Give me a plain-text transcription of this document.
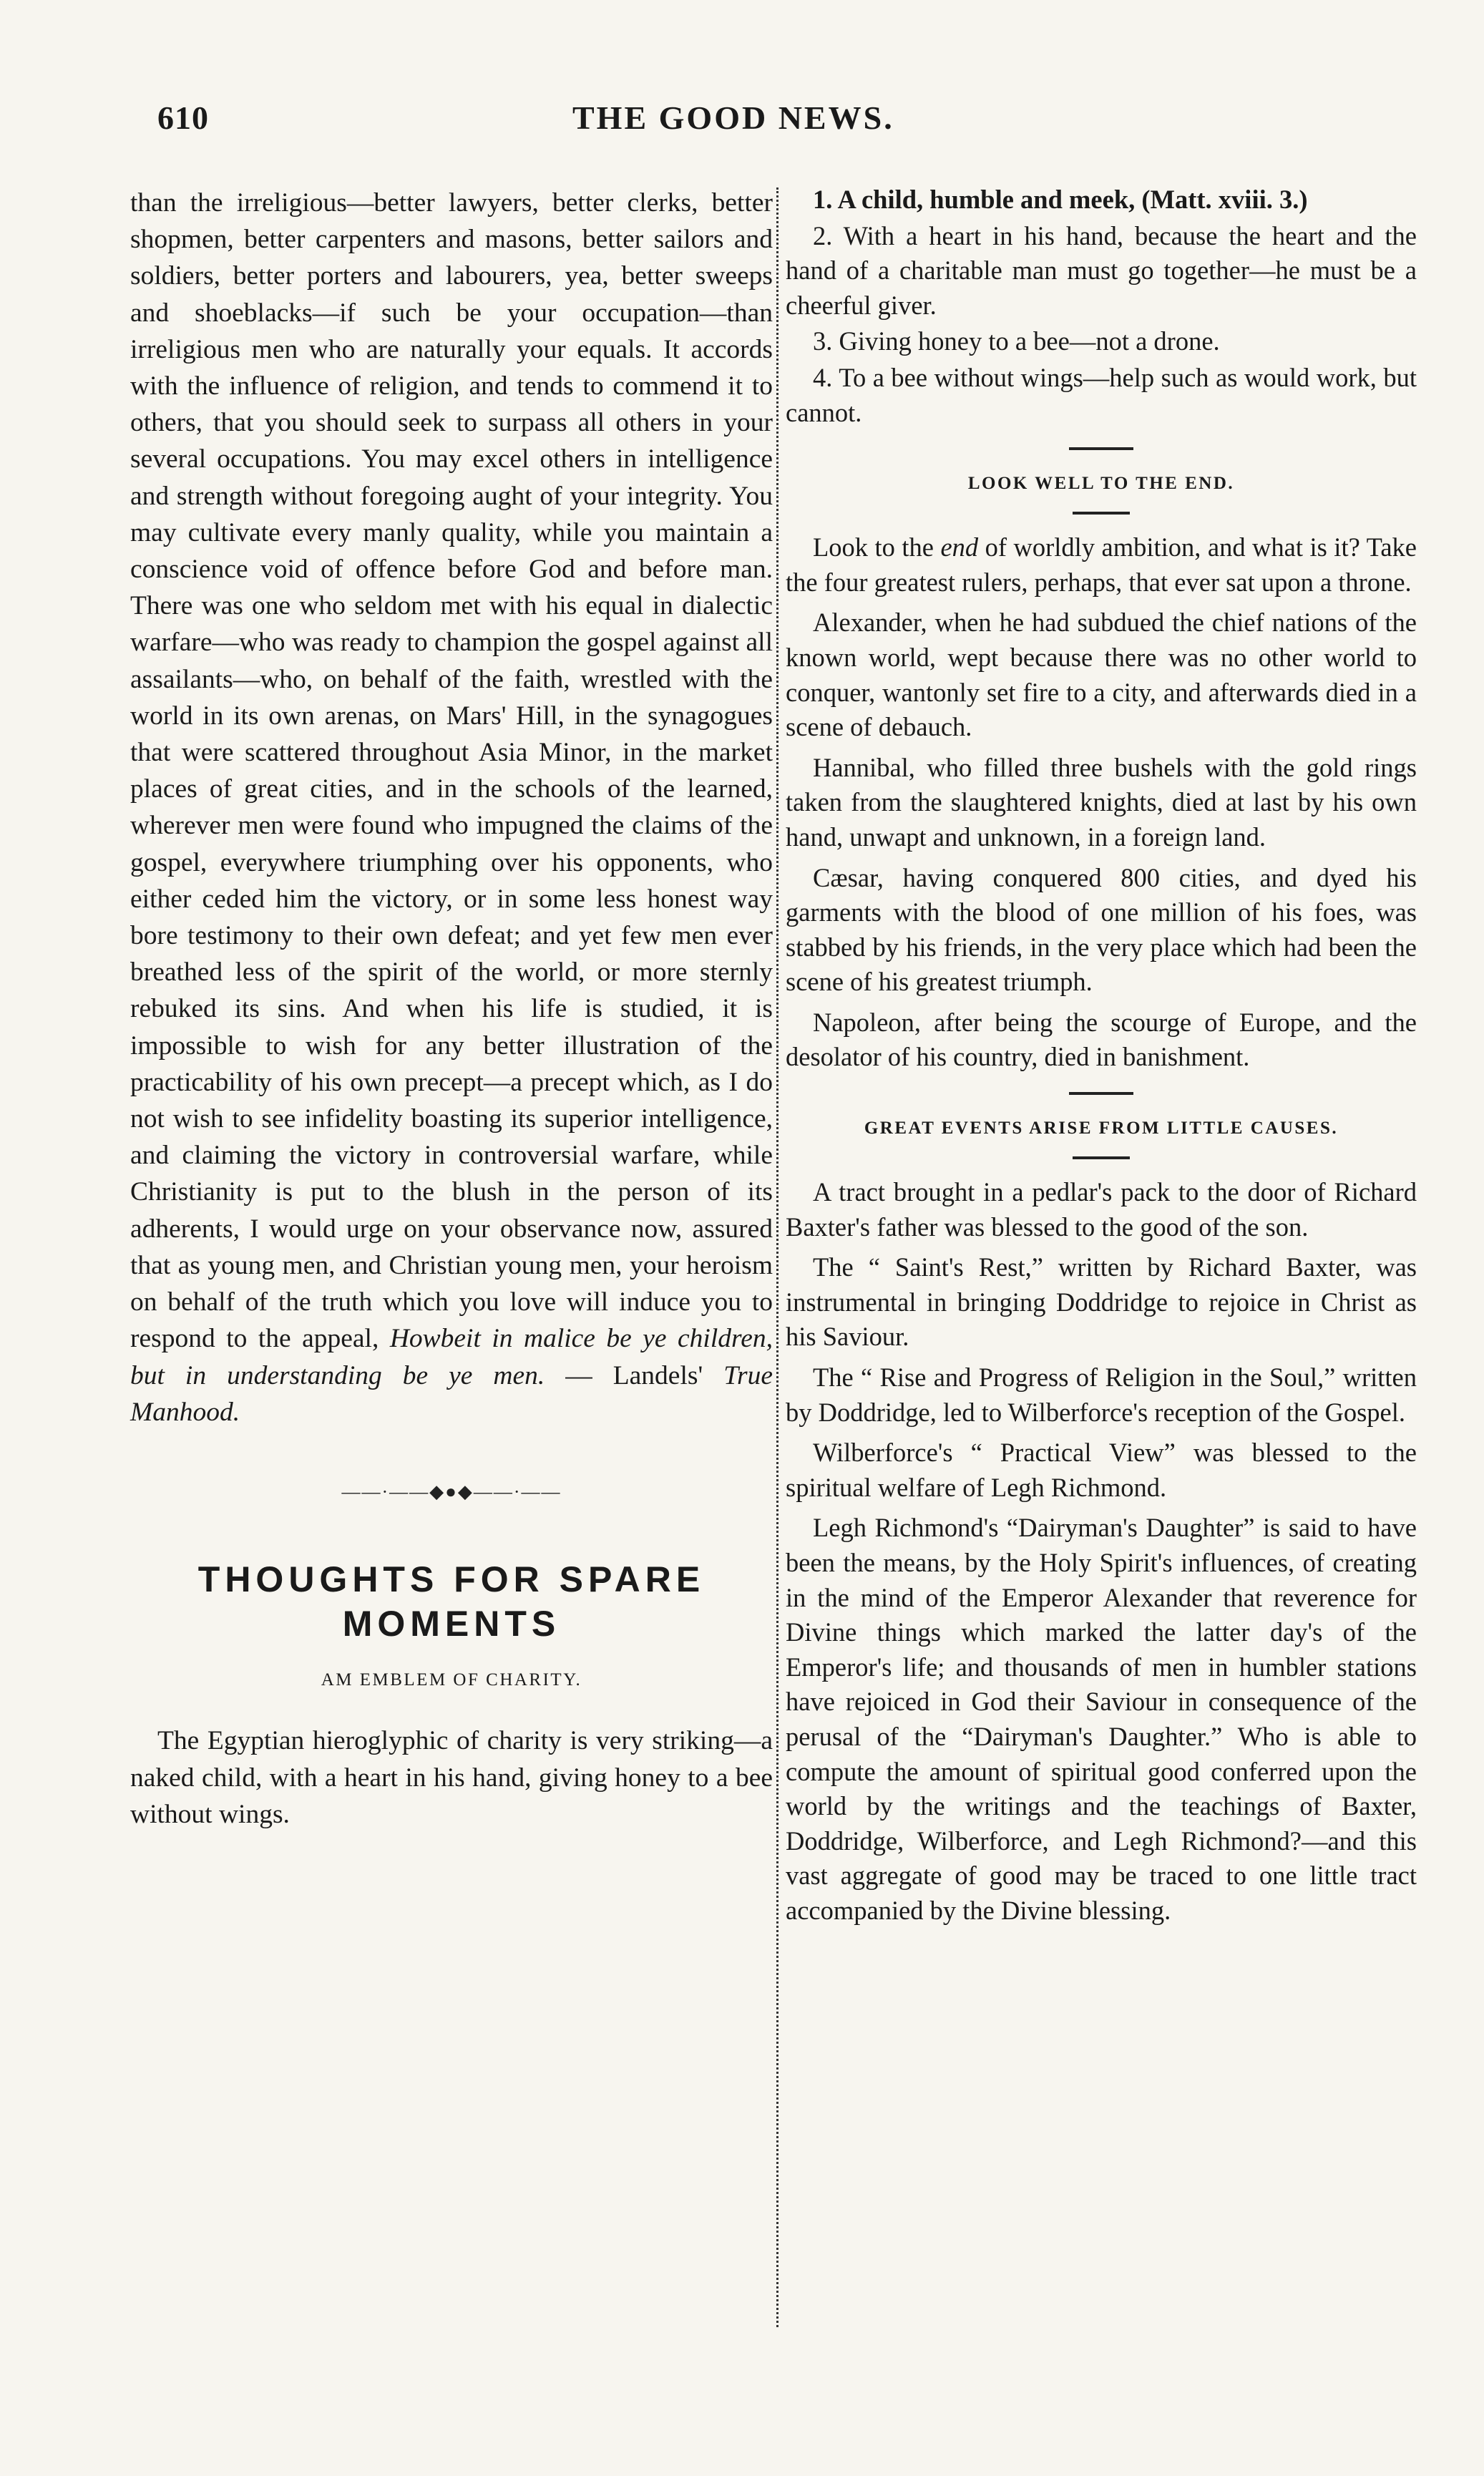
610	THE GOOD NEWS.

than the irreligious—better lawyers, better clerks, better shopmen, better carpenters and masons, better sailors and soldiers, better porters and labourers, yea, better sweeps and shoeblacks—if such be your occupation—than irreligious men who are naturally your equals. It accords with the influence of religion, and tends to commend it to others, that you should seek to surpass all others in your several occupations. You may excel others in intelligence and strength without foregoing aught of your integrity. You may cultivate every manly quality, while you maintain a conscience void of offence before God and before man. There was one who seldom met with his equal in dialectic warfare—who was ready to champion the gospel against all assailants—who, on behalf of the faith, wrestled with the world in its own arenas, on Mars' Hill, in the synagogues that were scattered throughout Asia Minor, in the market places of great cities, and in the schools of the learned, wherever men were found who impugned the claims of the gospel, everywhere triumphing over his opponents, who either ceded him the victory, or in some less honest way bore testimony to their own defeat; and yet few men ever breathed less of the spirit of the world, or more sternly rebuked its sins. And when his life is studied, it is impossible to wish for any better illustration of the practicability of his own precept—a precept which, as I do not wish to see infidelity boasting its superior intelligence, and claiming the victory in controversial warfare, while Christianity is put to the blush in the person of its adherents, I would urge on your observance now, assured that as young men, and Christian young men, your heroism on behalf of the truth which you love will induce you to respond to the appeal, Howbeit in malice be ye children, but in understanding be ye men. — Landels' True Manhood.

——·——◆●◆——·——
THOUGHTS FOR SPARE MOMENTS
AM EMBLEM OF CHARITY.

The Egyptian hieroglyphic of charity is very striking—a naked child, with a heart in his hand, giving honey to a bee without wings.

1. A child, humble and meek, (Matt. xviii. 3.)

2. With a heart in his hand, because the heart and the hand of a charitable man must go together—he must be a cheerful giver.

3. Giving honey to a bee—not a drone.

4. To a bee without wings—help such as would work, but cannot.

LOOK WELL TO THE END.

Look to the end of worldly ambition, and what is it? Take the four greatest rulers, perhaps, that ever sat upon a throne.

Alexander, when he had subdued the chief nations of the known world, wept because there was no other world to conquer, wantonly set fire to a city, and afterwards died in a scene of debauch.

Hannibal, who filled three bushels with the gold rings taken from the slaughtered knights, died at last by his own hand, unwapt and unknown, in a foreign land.

Cæsar, having conquered 800 cities, and dyed his garments with the blood of one million of his foes, was stabbed by his friends, in the very place which had been the scene of his greatest triumph.

Napoleon, after being the scourge of Europe, and the desolator of his country, died in banishment.

GREAT EVENTS ARISE FROM LITTLE CAUSES.

A tract brought in a pedlar's pack to the door of Richard Baxter's father was blessed to the good of the son.

The “ Saint's Rest,” written by Richard Baxter, was instrumental in bringing Doddridge to rejoice in Christ as his Saviour.

The “ Rise and Progress of Religion in the Soul,” written by Doddridge, led to Wilberforce's reception of the Gospel.

Wilberforce's “ Practical View” was blessed to the spiritual welfare of Legh Richmond.

Legh Richmond's “Dairyman's Daughter” is said to have been the means, by the Holy Spirit's influences, of creating in the mind of the Emperor Alexander that reverence for Divine things which marked the latter day's of the Emperor's life; and thousands of men in humbler stations have rejoiced in God their Saviour in consequence of the perusal of the “Dairyman's Daughter.” Who is able to compute the amount of spiritual good conferred upon the world by the writings and the teachings of Baxter, Doddridge, Wilberforce, and Legh Richmond?—and this vast aggregate of good may be traced to one little tract accompanied by the Divine blessing.
